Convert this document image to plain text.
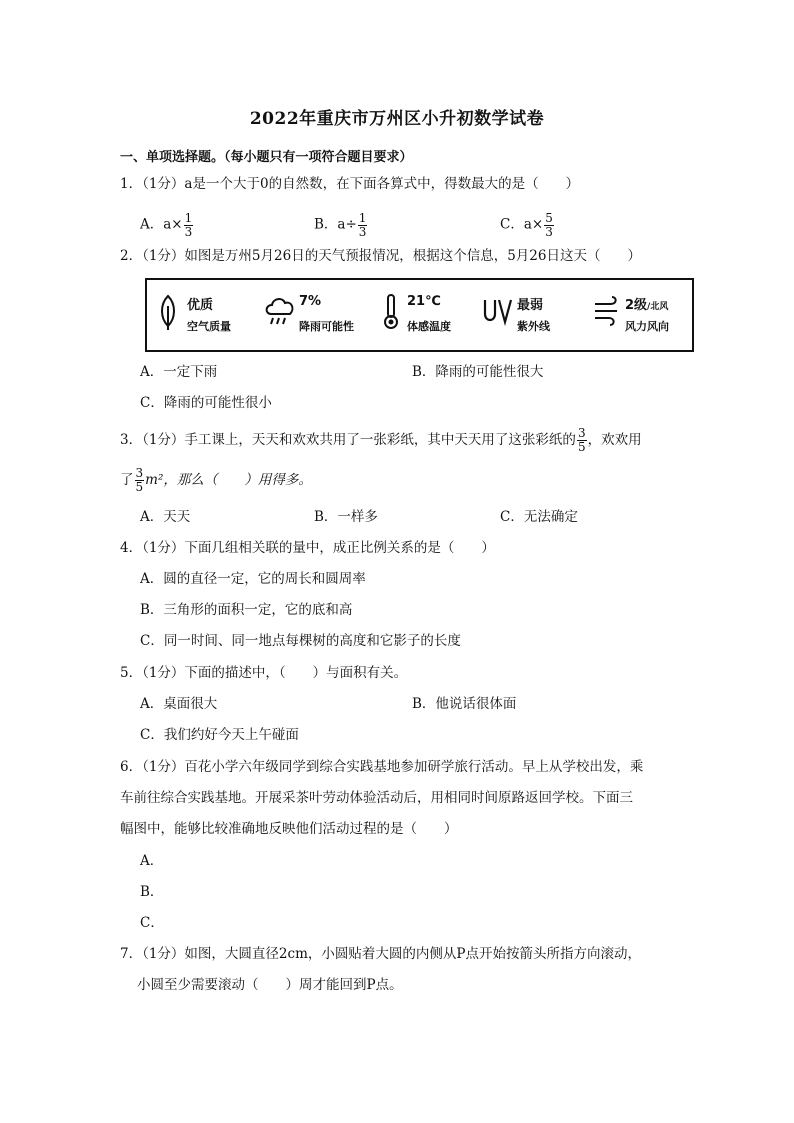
2022年重庆市万州区小升初数学试卷
一、单项选择题。（每小题只有一项符合题目要求）
1．（1分）a是一个大于0的自然数，在下面各算式中，得数最大的是（　　）
A．$a\times \frac{1}{3}$	B．$a\div \frac{1}{3}$	C．$a\times \frac{5}{3}$
2．（1分）如图是万州5月26日的天气预报情况，根据这个信息，5月26日这天（　　）
优质
空气质量
7%
降雨可能性
21℃
体感温度
最弱
紫外线
2级/北风
风力风向
A．一定下雨	B．降雨的可能性很大
C．降雨的可能性很小
3．（1分）手工课上，天天和欢欢共用了一张彩纸，其中天天用了这张彩纸的 $\frac{3}{5}$ ，欢欢用
了 $\frac{3}{5} m^2$，那么（　　）用得多。
A．天天	B．一样多	C．无法确定
4．（1分）下面几组相关联的量中，成正比例关系的是（　　）
A．圆的直径一定，它的周长和圆周率
B．三角形的面积一定，它的底和高
C．同一时间、同一地点每棵树的高度和它影子的长度
5．（1分）下面的描述中，（　　）与面积有关。
A．桌面很大	B．他说话很体面
C．我们约好今天上午碰面
6．（1分）百花小学六年级同学到综合实践基地参加研学旅行活动。早上从学校出发，乘
车前往综合实践基地。开展采茶叶劳动体验活动后，用相同时间原路返回学校。下面三
幅图中，能够比较准确地反映他们活动过程的是（　　）
A．
B．
C．
7．（1分）如图，大圆直径2cm，小圆贴着大圆的内侧从P点开始按箭头所指方向滚动，
小圆至少需要滚动（　　）周才能回到P点。
